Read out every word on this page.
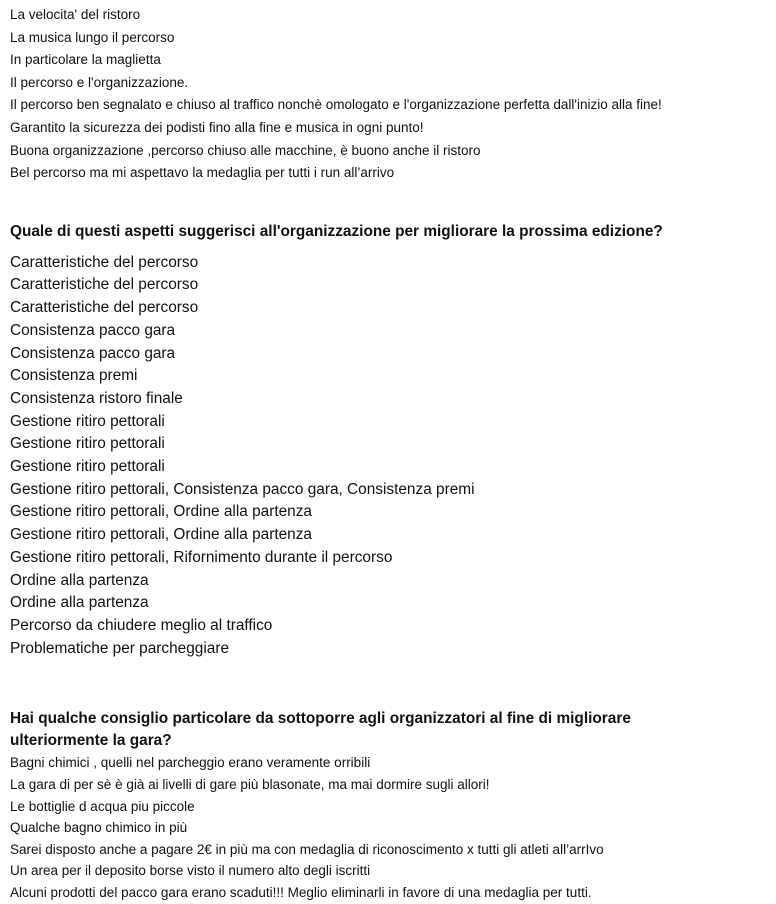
La velocita' del ristoro
La musica lungo il percorso
In particolare la maglietta
Il percorso e l'organizzazione.
Il percorso ben segnalato e chiuso al traffico nonchè omologato e l'organizzazione perfetta dall'inizio alla fine!
Garantito la sicurezza dei podisti fino alla fine e musica in ogni punto!
Buona organizzazione ,percorso chiuso alle macchine, è buono anche il ristoro
Bel percorso ma mi aspettavo la medaglia per tutti i run all’arrivo
Quale di questi aspetti suggerisci all'organizzazione per migliorare la prossima edizione?
Caratteristiche del percorso
Caratteristiche del percorso
Caratteristiche del percorso
Consistenza pacco gara
Consistenza pacco gara
Consistenza premi
Consistenza ristoro finale
Gestione ritiro pettorali
Gestione ritiro pettorali
Gestione ritiro pettorali
Gestione ritiro pettorali, Consistenza pacco gara, Consistenza premi
Gestione ritiro pettorali, Ordine alla partenza
Gestione ritiro pettorali, Ordine alla partenza
Gestione ritiro pettorali, Rifornimento durante il percorso
Ordine alla partenza
Ordine alla partenza
Percorso da chiudere meglio al traffico
Problematiche per parcheggiare
Hai qualche consiglio particolare da sottoporre agli organizzatori al fine di migliorare ulteriormente la gara?
Bagni chimici , quelli nel parcheggio erano veramente orribili
La gara di per sè è già ai livelli di gare più blasonate, ma mai dormire sugli allori!
Le bottiglie d acqua piu piccole
Qualche bagno chimico in più
Sarei disposto anche a pagare 2€ in più ma con medaglia di riconoscimento x tutti gli atleti all’arrIvo
Un area per il deposito borse visto il numero alto degli iscritti
Alcuni prodotti del pacco gara erano scaduti!!! Meglio eliminarli in favore di una medaglia per tutti.
